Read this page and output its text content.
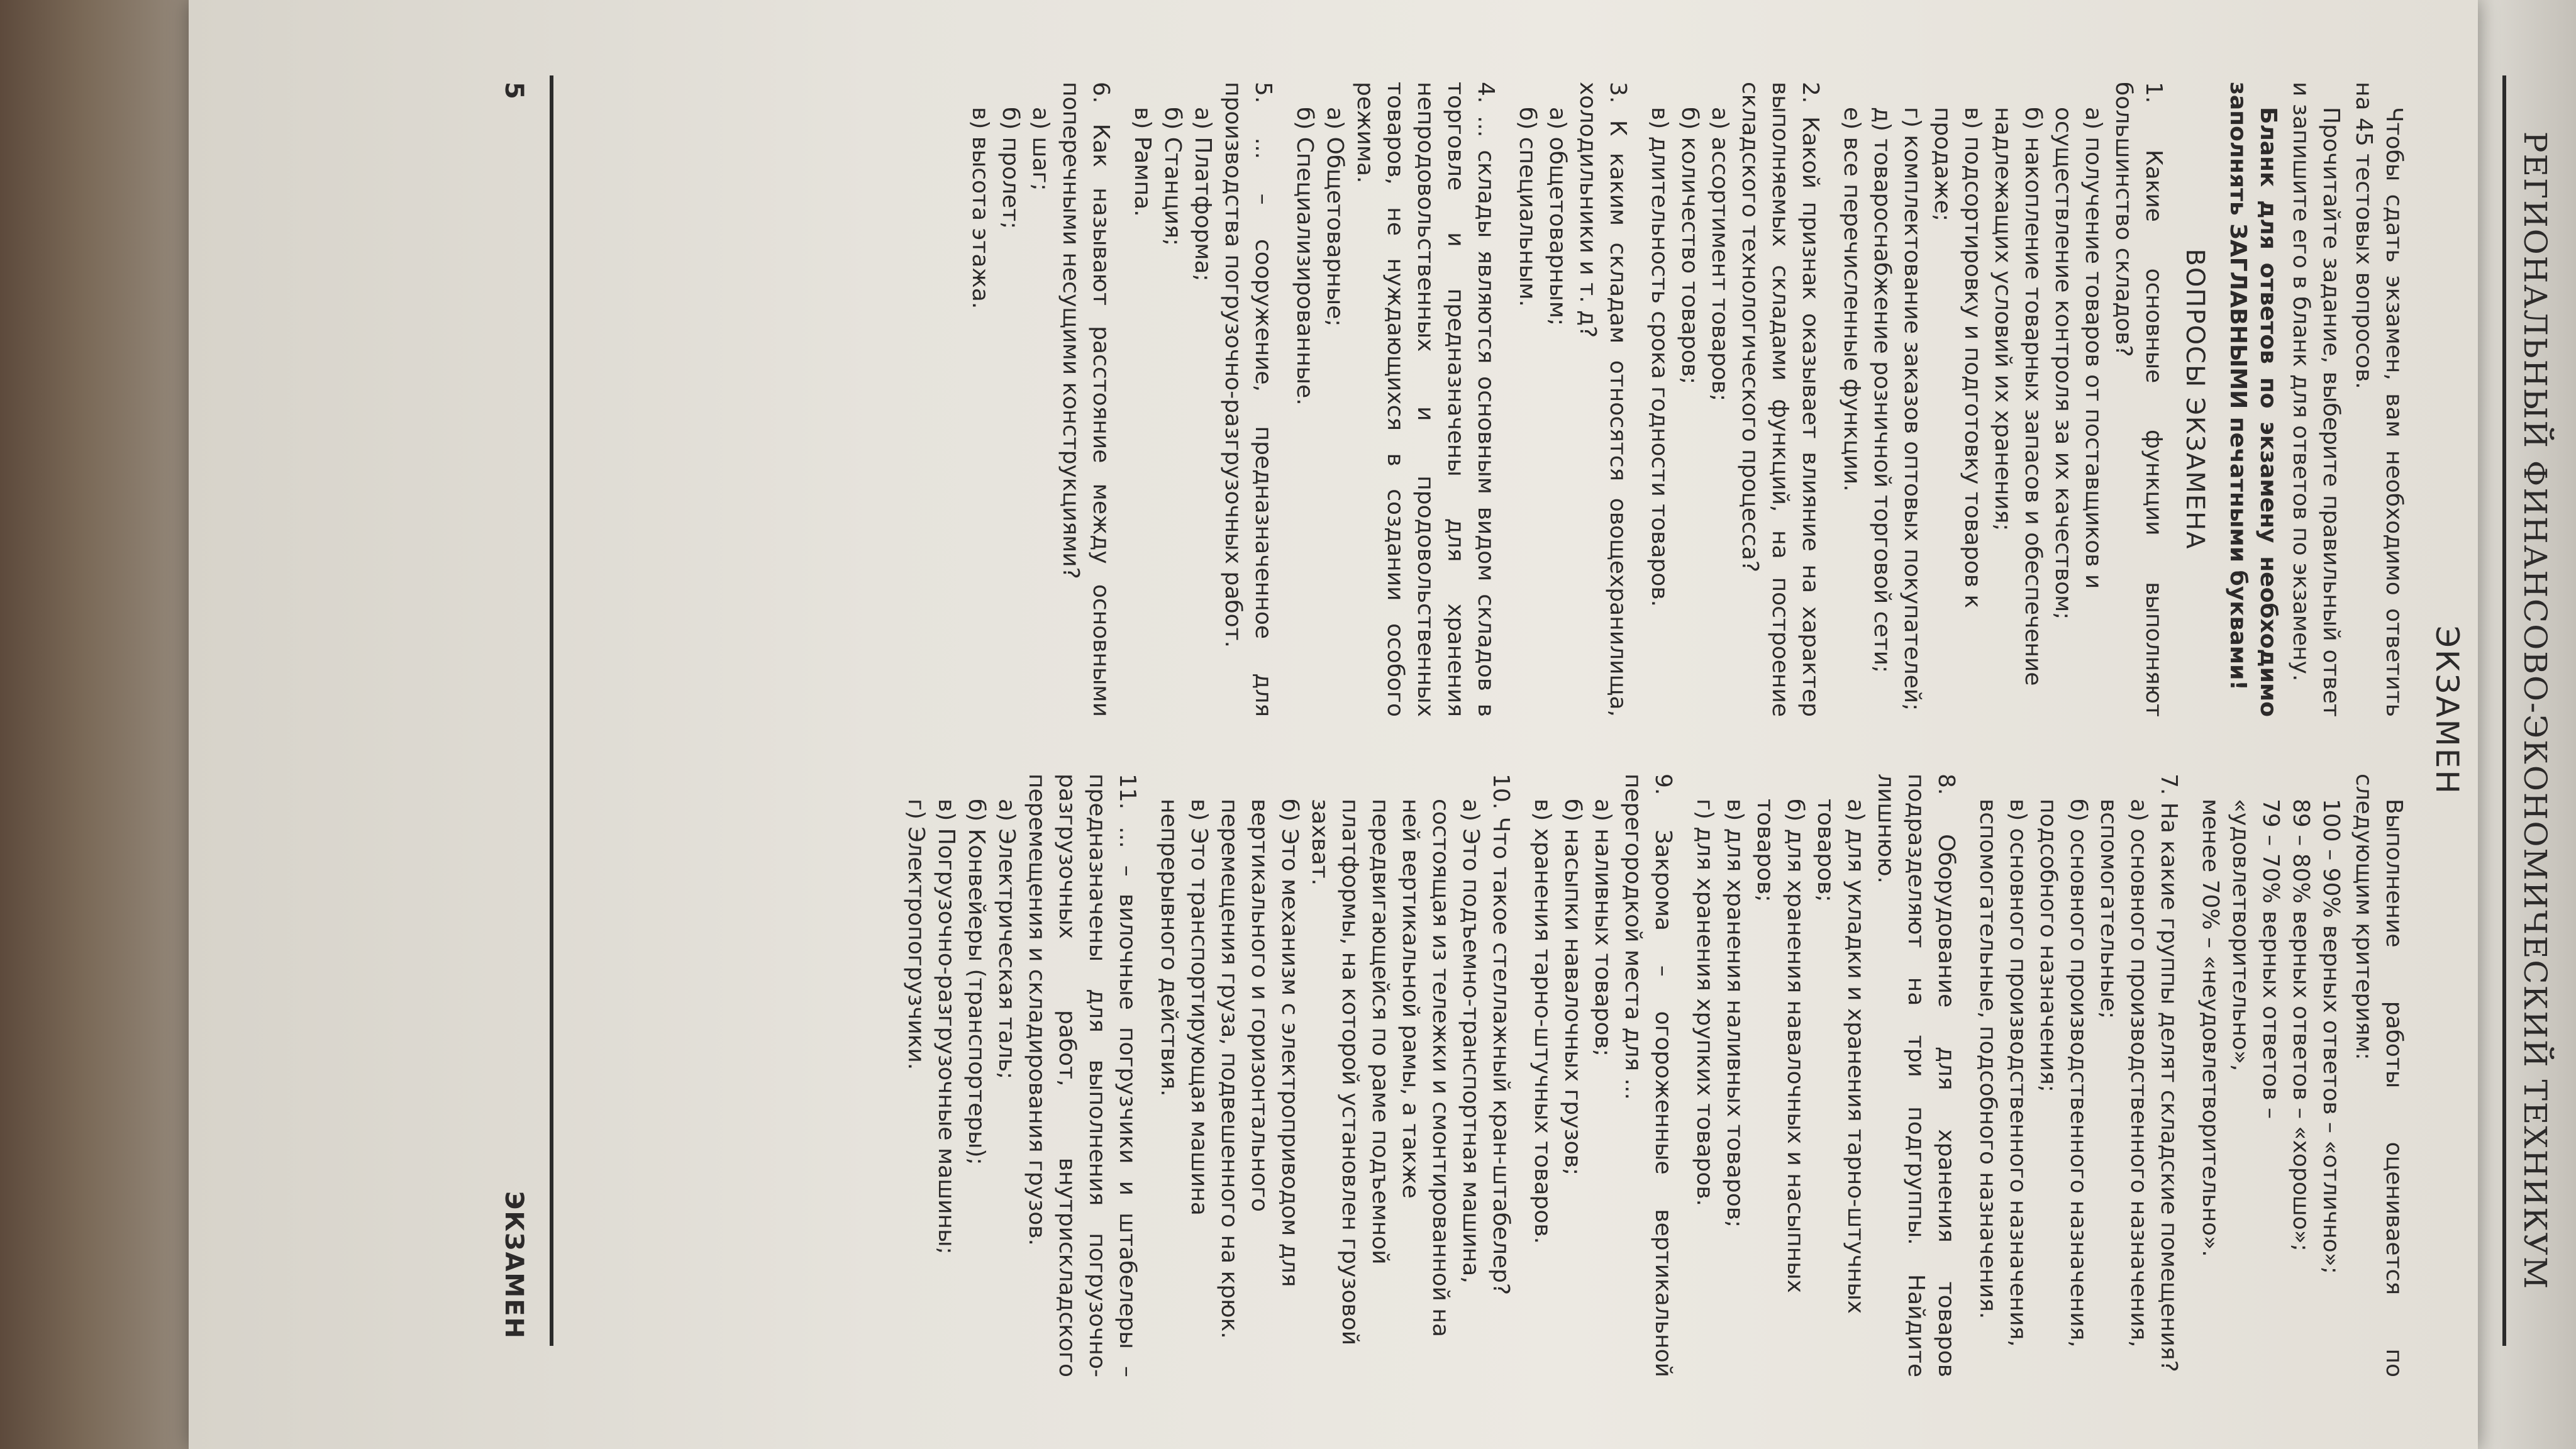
РЕГИОНАЛЬНЫЙ ФИНАНСОВО-ЭКОНОМИЧЕСКИЙ ТЕХНИКУМ
ЭКЗАМЕН

Чтобы сдать экзамен, вам необходимо ответить на 45 тестовых вопросов.

Прочитайте задание, выберите правильный ответ и запишите его в бланк для ответов по экзамену.

Бланк для ответов по экзамену необходимо заполнять ЗАГЛАВНЫМИ печатными буквами!

ВОПРОСЫ ЭКЗАМЕНА
1. Какие основные функции выполняют большинство складов?
а) получение товаров от поставщиков и осуществление контроля за их качеством;
б) накопление товарных запасов и обеспечение надлежащих условий их хранения;
в) подсортировку и подготовку товаров к продаже;
г) комплектование заказов оптовых покупателей;
д) товароснабжение розничной торговой сети;
е) все перечисленные функции.
2. Какой признак оказывает влияние на характер выполняемых складами функций, на построение складского технологического процесса?
а) ассортимент товаров;
б) количество товаров;
в) длительность срока годности товаров.
3. К каким складам относятся овощехранилища, холодильники и т. д?
а) общетоварным;
б) специальным.
4. ... склады являются основным видом складов в торговле и предназначены для хранения непродовольственных и продовольственных товаров, не нуждающихся в создании особого режима.
а) Общетоварные;
б) Специализированные.
5. ... – сооружение, предназначенное для производства погрузочно-разгрузочных работ.
а) Платформа;
б) Станция;
в) Рампа.
6. Как называют расстояние между основными поперечными несущими конструкциями?
а) шаг;
б) пролет;
в) высота этажа.

Выполнение работы оценивается по следующим критериям:

100 – 90% верных ответов – «отлично»;
89 – 80% верных ответов – «хорошо»;
79 – 70% верных ответов – «удовлетворительно»,
менее 70% – «неудовлетворительно».
7. На какие группы делят складские помещения?
а) основного производственного назначения, вспомогательные;
б) основного производственного назначения, подсобного назначения;
в) основного производственного назначения, вспомогательные, подсобного назначения.
8. Оборудование для хранения товаров подразделяют на три подгруппы. Найдите лишнюю.
а) для укладки и хранения тарно-штучных товаров;
б) для хранения навалочных и насыпных товаров;
в) для хранения наливных товаров;
г) для хранения хрупких товаров.
9. Закрома – огороженные вертикальной перегородкой места для ...
а) наливных товаров;
б) насыпки навалочных грузов;
в) хранения тарно-штучных товаров.
10. Что такое стеллажный кран-штабелер?
а) Это подъемно-транспортная машина, состоящая из тележки и смонтированной на ней вертикальной рамы, а также передвигающейся по раме подъемной платформы, на которой установлен грузовой захват.
б) Это механизм с электроприводом для вертикального и горизонтального перемещения груза, подвешенного на крюк.
в) Это транспортирующая машина непрерывного действия.
11. ... – вилочные погрузчики и штабелеры – предназначены для выполнения погрузочно-разгрузочных работ, внутрискладского перемещения и складирования грузов.
а) Электрическая таль;
б) Конвейеры (транспортеры);
в) Погрузочно-разгрузочные машины;
г) Электропогрузчики.
5
ЭКЗАМЕН
